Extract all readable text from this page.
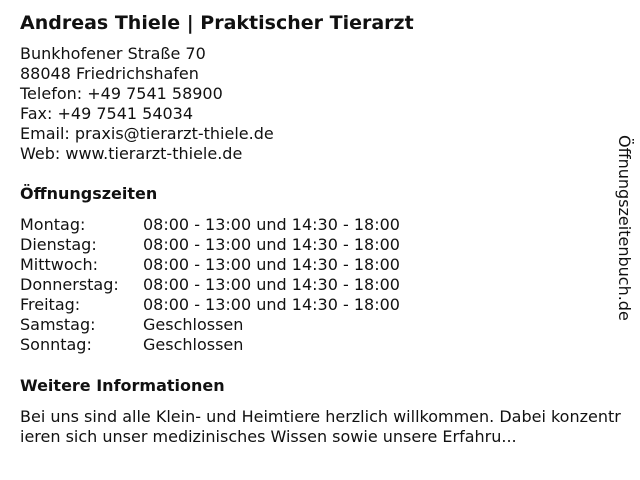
Andreas Thiele | Praktischer Tierarzt
Bunkhofener Straße 70
88048 Friedrichshafen
Telefon: +49 7541 58900
Fax: +49 7541 54034
Email: praxis@tierarzt-thiele.de
Web: www.tierarzt-thiele.de
Öffnungszeiten
Montag:	08:00 - 13:00 und 14:30 - 18:00
Dienstag:	08:00 - 13:00 und 14:30 - 18:00
Mittwoch:	08:00 - 13:00 und 14:30 - 18:00
Donnerstag: 08:00 - 13:00 und 14:30 - 18:00
Freitag:	08:00 - 13:00 und 14:30 - 18:00
Samstag:	Geschlossen
Sonntag:	Geschlossen
Weitere Informationen
Bei uns sind alle Klein- und Heimtiere herzlich willkommen. Dabei konzentrieren sich unser medizinisches Wissen sowie unsere Erfahru...
Öffnungszeitenbuch.de
